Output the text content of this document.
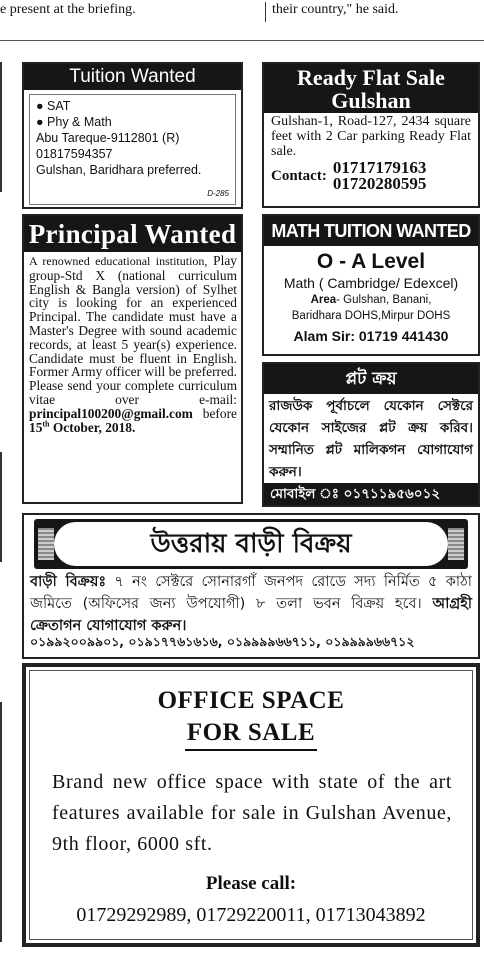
e present at the briefing.	their country," he said.
Tuition Wanted
● SAT
● Phy & Math
Abu Tareque-9112801 (R)
01817594357
Gulshan, Baridhara preferred.
D-285
Ready Flat Sale Gulshan
Gulshan-1, Road-127, 2434 square feet with 2 Car parking Ready Flat sale.
Contact: 01717179163
01720280595
Principal Wanted
A renowned educational institution, Play group-Std X (national curriculum English & Bangla version) of Sylhet city is looking for an experienced Principal. The candidate must have a Master's Degree with sound academic records, at least 5 year(s) experience. Candidate must be fluent in English. Former Army officer will be preferred. Please send your complete curriculum vitae over e-mail: principal100200@gmail.com before 15th October, 2018.
MATH TUITION WANTED
O - A Level
Math ( Cambridge/ Edexcel)
Area- Gulshan, Banani,
Baridhara DOHS,Mirpur DOHS
Alam Sir: 01719 441430
প্লট ক্রয়
রাজউক পূর্বাচলে যেকোন সেক্টরে যেকোন সাইজের প্লট ক্রয় করিব। সম্মানিত প্লট মালিকগন যোগাযোগ করুন।
মোবাইল ঃ ০১৭১১৯৫৬০১২
উত্তরায় বাড়ী বিক্রয়
বাড়ী বিক্রয়ঃ ৭ নং সেক্টরে সোনারগাঁ জনপদ রোডে সদ্য নির্মিত ৫ কাঠা জমিতে (অফিসের জন্য উপযোগী) ৮ তলা ভবন বিক্রয় হবে। আগ্রহী ক্রেতাগন যোগাযোগ করুন।
০১৯৯২০০৯৯০১, ০১৯১৭৭৬১৬১৬, ০১৯৯৯৯৬৬৭১১, ০১৯৯৯৯৬৬৭১২
OFFICE SPACE
FOR SALE
Brand new office space with state of the art features available for sale in Gulshan Avenue, 9th floor, 6000 sft.
Please call:
01729292989, 01729220011, 01713043892
